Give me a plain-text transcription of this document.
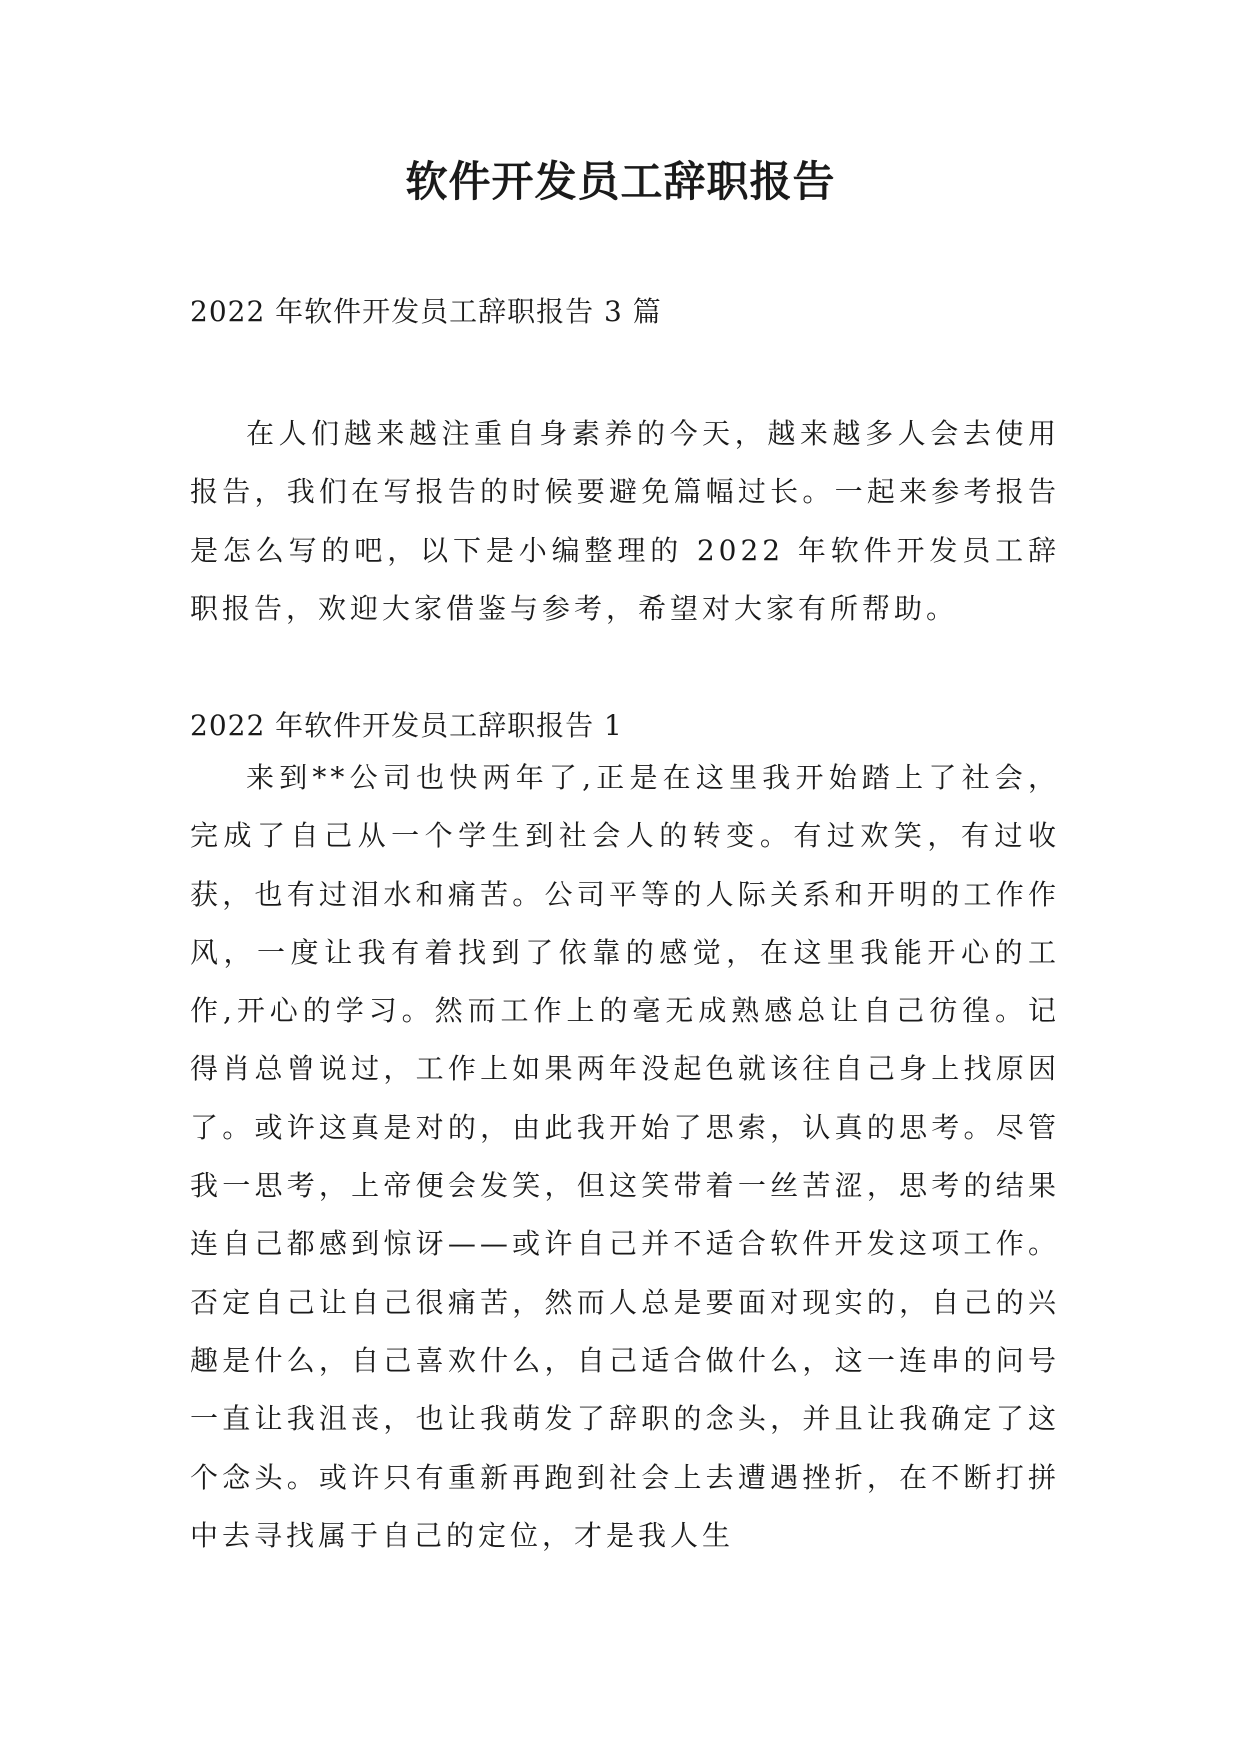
软件开发员工辞职报告

2022 年软件开发员工辞职报告 3 篇

在人们越来越注重自身素养的今天，越来越多人会去使用报告，我们在写报告的时候要避免篇幅过长。一起来参考报告是怎么写的吧，以下是小编整理的 2022 年软件开发员工辞职报告，欢迎大家借鉴与参考，希望对大家有所帮助。

2022 年软件开发员工辞职报告 1

来到**公司也快两年了,正是在这里我开始踏上了社会，完成了自己从一个学生到社会人的转变。有过欢笑，有过收获，也有过泪水和痛苦。公司平等的人际关系和开明的工作作风，一度让我有着找到了依靠的感觉，在这里我能开心的工作,开心的学习。然而工作上的毫无成熟感总让自己彷徨。记得肖总曾说过，工作上如果两年没起色就该往自己身上找原因了。或许这真是对的，由此我开始了思索，认真的思考。尽管我一思考，上帝便会发笑，但这笑带着一丝苦涩，思考的结果连自己都感到惊讶——或许自己并不适合软件开发这项工作。否定自己让自己很痛苦，然而人总是要面对现实的，自己的兴趣是什么，自己喜欢什么，自己适合做什么，这一连串的问号一直让我沮丧，也让我萌发了辞职的念头，并且让我确定了这个念头。或许只有重新再跑到社会上去遭遇挫折，在不断打拼中去寻找属于自己的定位，才是我人生
